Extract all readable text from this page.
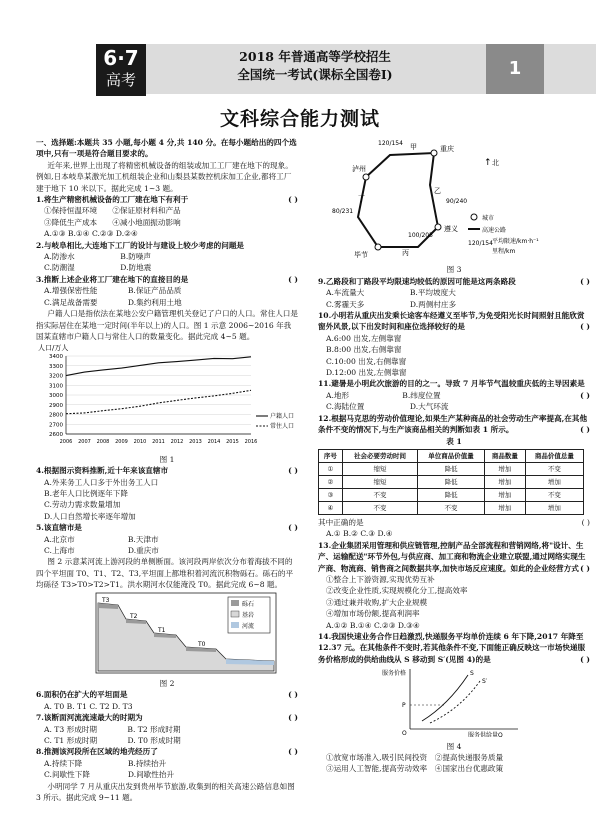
6·7
高考
2018 年普通高等学校招生
全国统一考试(课标全国卷Ⅰ)	1
文科综合能力测试

一、选择题:本题共 35 小题,每小题 4 分,共 140 分。在每小题给出的四个选项中,只有一项是符合题目要求的。

近年来,世界上出现了将精密机械设备的组装或加工工厂建在地下的现象。例如,日本岐阜某激光加工机组装企业和山梨县某数控机床加工企业,都将工厂建于地下 10 米以下。据此完成 1~3 题。

1.将生产精密机械设备的工厂建在地下有利于	( )

①保持恒温环境　　 ②保证原材料和产品

③降低生产成本　　 ④减小地面振动影响

A.①③ B.①④ C.②③ D.②④

2.与岐阜相比,大连地下工厂的设计与建设上较少考虑的问题是

A.防渗水　　　　　　	B.防噪声

C.防潮湿　　　　　　	D.防地震

3.推断上述企业将工厂建在地下的直接目的是	( )

A.增强保密性能　　　　	B.保证产品品质

C.满足战备需要　　　　	D.集约利用土地

户籍人口是指依法在某地公安户籍管理机关登记了户口的人口。常住人口是指实际居住在某地一定时间(半年以上)的人口。图 1 示意 2006~2016 年我国某直辖市户籍人口与常住人口的数量变化。据此完成 4~5 题。

人口/万人
2600
2700
2800
2900
3000
3100
3200
3300
3400
2006 2007 2008 2009 2010 2011 2012 2013 2014 2015 2016
户籍人口
常住人口

图 1

4.根据图示资料推断,近十年来该直辖市	( )

A.外来务工人口多于外出务工人口

B.老年人口比例逐年下降

C.劳动力需求数量增加

D.人口自然增长率逐年增加

5.该直辖市是	( )

A.北京市　　　　　　　	B.天津市

C.上海市　　　　　　　	D.重庆市

图 2 示意某河流上游河段的单侧断面。该河段两岸依次分布着海拔不同的四个平坦面 T0、T1、T2、T3,平坦面上都堆积着河流沉积物砾石。砾石的平均砾径 T3>T0>T2>T1。洪水期河水仅能淹没 T0。据此完成 6~8 题。

T3
T2
T1
T0
砾石
基岩
河流

图 2

6.面积仍在扩大的平坦面是	( )

A. T0 B. T1 C. T2 D. T3

7.该断面河流流速最大的时期为	( )

A. T3 形成时期　　　　	B. T2 形成时期

C. T1 形成时期　　　　	D. T0 形成时期

8.推测该河段所在区域的地壳经历了	( )

A.持续下降　　　　　　	B.持续抬升

C.间歇性下降　　　　　	D.间歇性抬升

小明同学 7 月从重庆出发到贵州毕节旅游,收集到的相关高速公路信息如图 3 所示。据此完成 9~11 题。

重庆
泸州
遵义
毕节	丙
甲
乙
丁
120/154
90/240
80/231
100/205
↑ 北
城市
高速公路
120/154 平均限速/km·h⁻¹
里程/km

图 3

9.乙路段和丁路段平均限速均较低的原因可能是这两条路段	( )

A.车流量大　　　　　　	B.平均坡度大

C.雾霾天多　　　　　　	D.两侧村庄多

10.小明若从重庆出发乘长途客车经遵义至毕节,为免受阳光长时间照射且能欣赏窗外风景,以下出发时间和座位选择较好的是	( )

A.6:00 出发,左侧靠窗

B.8:00 出发,右侧靠窗

C.10:00 出发,右侧靠窗

D.12:00 出发,左侧靠窗

11.避暑是小明此次旅游的目的之一。导致 7 月毕节气温较重庆低的主导因素是
( )

A.地形　　　　　　　	B.纬度位置

C.海陆位置　　　　　　	D.大气环流

12.根据马克思的劳动价值理论,如果生产某种商品的社会劳动生产率提高,在其他条件不变的情况下,与生产该商品相关的判断如表 1 所示。	( )

表 1

序号	社会必要劳动时间	单位商品价值量	商品数量	商品价值总量
①	缩短	降低	增加	不变
②	缩短	降低	增加	增加
③	不变	降低	增加	不变
④	不变	不变	增加	增加

其中正确的是	( )

A.① B.② C.③ D.④

13.企业集团采用管理和供应链管理,控制产品全部流程和营销网络,将"设计、生产、运输配送"环节外包,与供应商、加工商和物流企业建立联盟,通过网络实现生产商、物流商、销售商之间数据共享,加快市场反应速度。如此的企业经营方式 ( )

①整合上下游资源,实现优势互补

②改变企业性质,实现规模化分工,提高效率

③通过兼并收购,扩大企业规模

④增加市场份额,提高利润率

A.①② B.①④ C.②③ D.③④

14.我国快速业务合作日趋激烈,快递服务平均单价连续 6 年下降,2017 年降至 12.37 元。在其他条件不变时,若其他条件不变,下面能正确反映这一市场快递服务价格形成的供给曲线从 S 移动到 S′(见图 4)的是	( )

服务价格
服务供给量Q
P
O
S
S′

图 4

①放宽市场准入,吸引民间投资　 ②提高快递服务质量

③运用人工智能,提高劳动效率　 ④国家出台优惠政策
